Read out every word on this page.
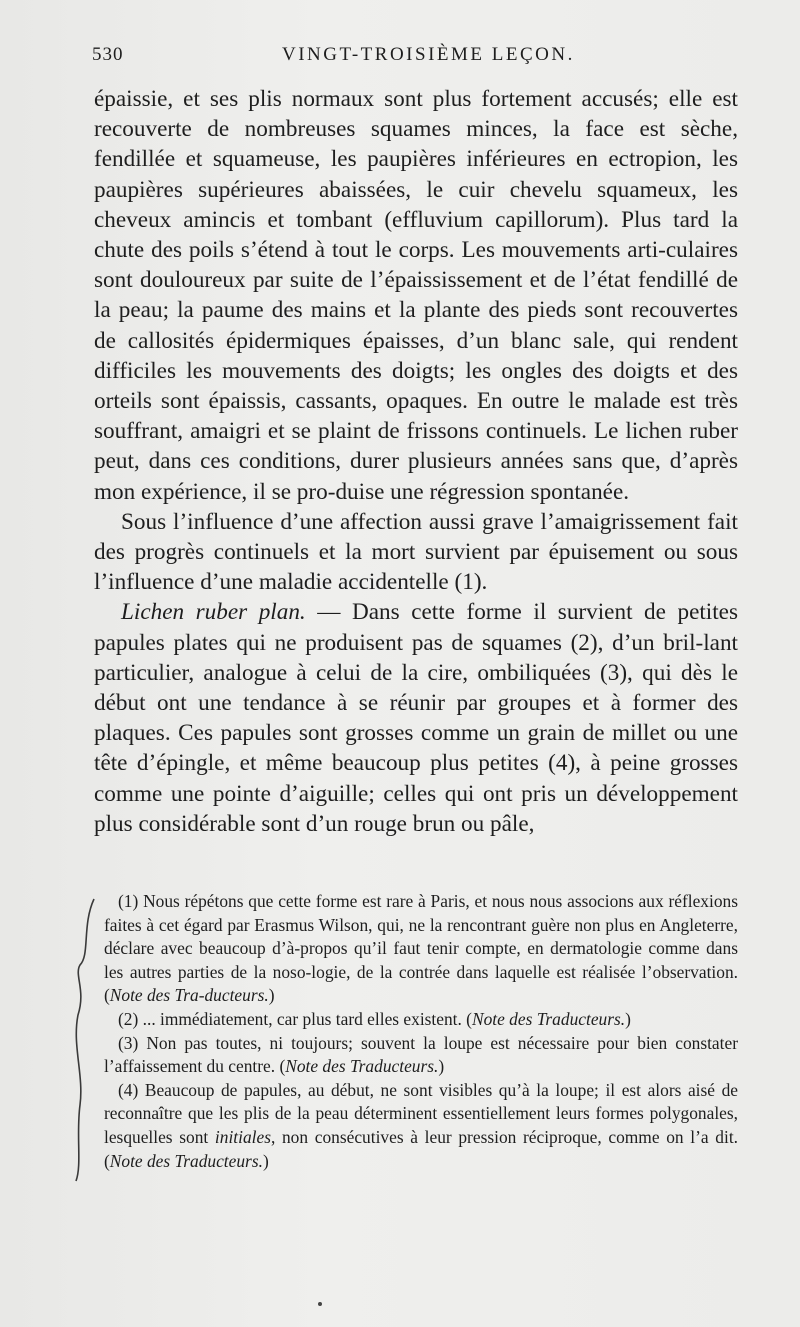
530	VINGT-TROISIÈME LEÇON.

épaissie, et ses plis normaux sont plus fortement accusés; elle est recouverte de nombreuses squames minces, la face est sèche, fendillée et squameuse, les paupières inférieures en ectropion, les paupières supérieures abaissées, le cuir chevelu squameux, les cheveux amincis et tombant (effluvium capillorum). Plus tard la chute des poils s’étend à tout le corps. Les mouvements arti-culaires sont douloureux par suite de l’épaississement et de l’état fendillé de la peau; la paume des mains et la plante des pieds sont recouvertes de callosités épidermiques épaisses, d’un blanc sale, qui rendent difficiles les mouvements des doigts; les ongles des doigts et des orteils sont épaissis, cassants, opaques. En outre le malade est très souffrant, amaigri et se plaint de frissons continuels. Le lichen ruber peut, dans ces conditions, durer plusieurs années sans que, d’après mon expérience, il se pro-duise une régression spontanée.

Sous l’influence d’une affection aussi grave l’amaigrissement fait des progrès continuels et la mort survient par épuisement ou sous l’influence d’une maladie accidentelle (1).

Lichen ruber plan. — Dans cette forme il survient de petites papules plates qui ne produisent pas de squames (2), d’un bril-lant particulier, analogue à celui de la cire, ombiliquées (3), qui dès le début ont une tendance à se réunir par groupes et à former des plaques. Ces papules sont grosses comme un grain de millet ou une tête d’épingle, et même beaucoup plus petites (4), à peine grosses comme une pointe d’aiguille; celles qui ont pris un développement plus considérable sont d’un rouge brun ou pâle,

(1) Nous répétons que cette forme est rare à Paris, et nous nous associons aux réflexions faites à cet égard par Erasmus Wilson, qui, ne la rencontrant guère non plus en Angleterre, déclare avec beaucoup d’à-propos qu’il faut tenir compte, en dermatologie comme dans les autres parties de la noso-logie, de la contrée dans laquelle est réalisée l’observation. (Note des Tra-ducteurs.)

(2) ... immédiatement, car plus tard elles existent. (Note des Traducteurs.)

(3) Non pas toutes, ni toujours; souvent la loupe est nécessaire pour bien constater l’affaissement du centre. (Note des Traducteurs.)

(4) Beaucoup de papules, au début, ne sont visibles qu’à la loupe; il est alors aisé de reconnaître que les plis de la peau déterminent essentiellement leurs formes polygonales, lesquelles sont initiales, non consécutives à leur pression réciproque, comme on l’a dit. (Note des Traducteurs.)
